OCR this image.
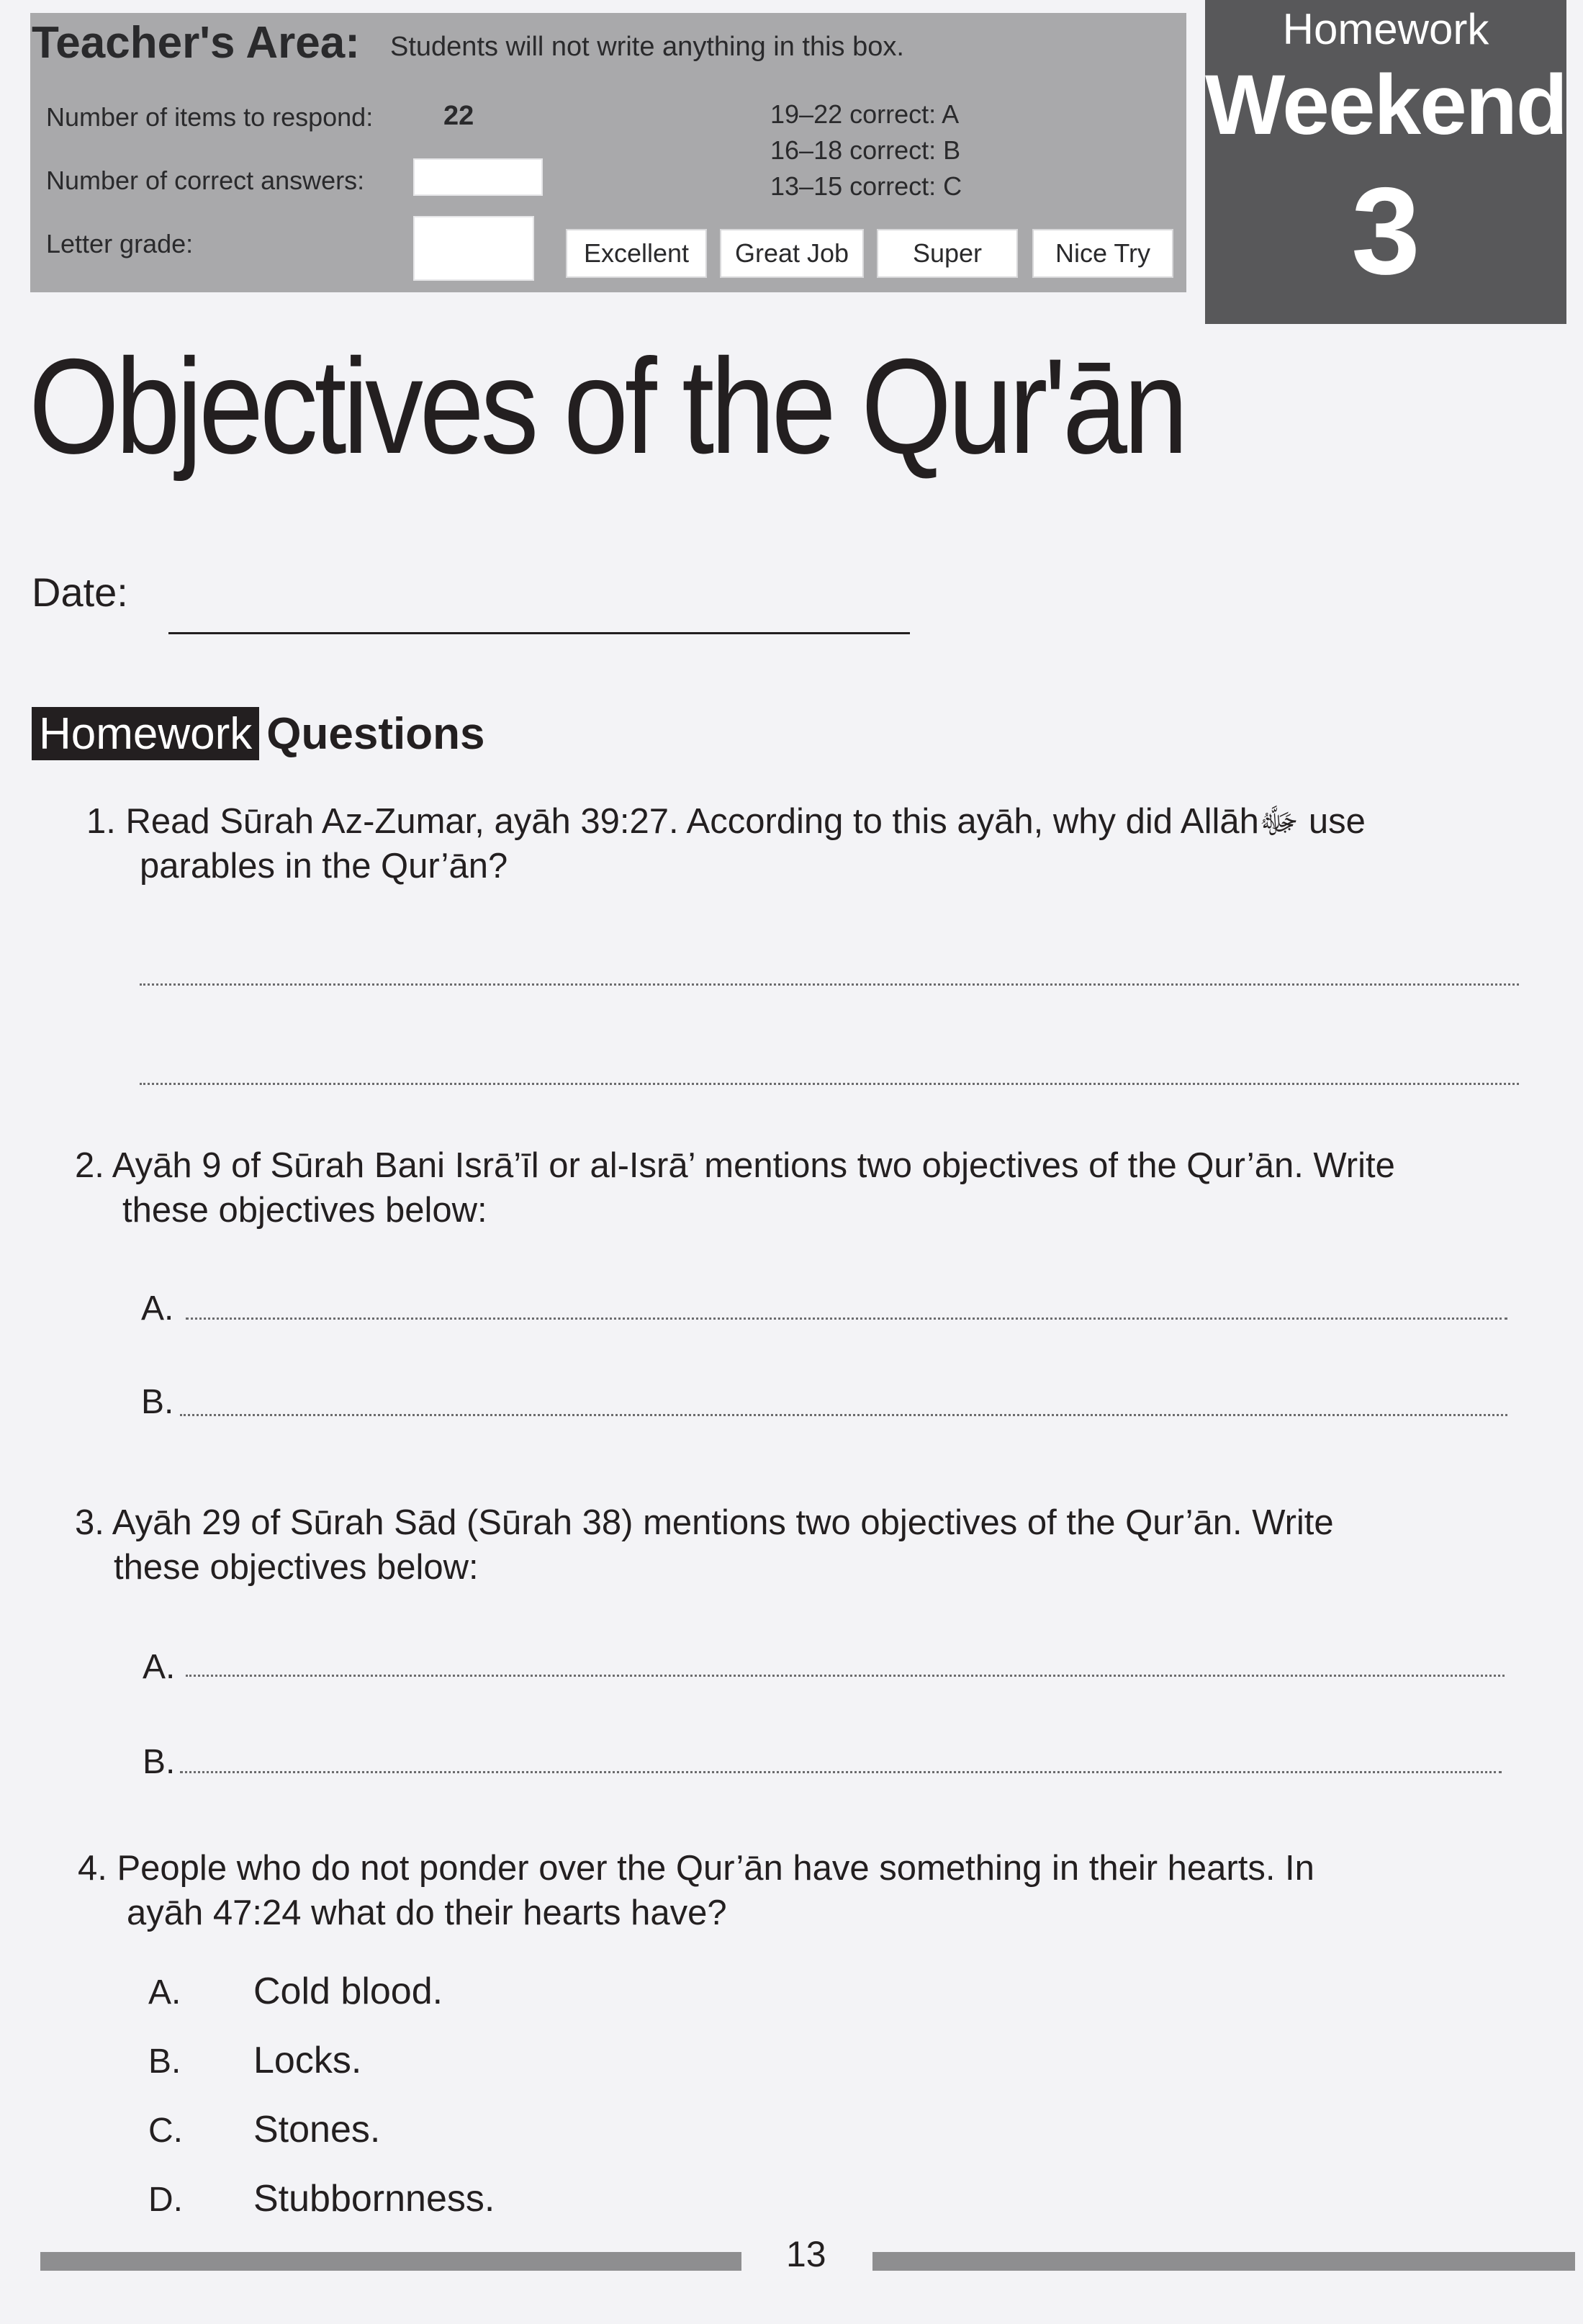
Teacher's Area: Students will not write anything in this box.
Number of items to respond:	22
Number of correct answers:
Letter grade:
19–22 correct: A
16–18 correct: B
13–15 correct: C
Excellent	Great Job	Super	Nice Try
Homework
Weekend
3
Objectives of the Qur'ān
Date:
Homework Questions
1. Read Sūrah Az-Zumar, ayāh 39:27. According to this ayāh, why did Allāhﷻ use
parables in the Qur’ān?
2. Ayāh 9 of Sūrah Bani Isrā’īl or al-Isrā’ mentions two objectives of the Qur’ān. Write
these objectives below:
A.
B.
3. Ayāh 29 of Sūrah Sād (Sūrah 38) mentions two objectives of the Qur’ān. Write
these objectives below:
A.
B.
4. People who do not ponder over the Qur’ān have something in their hearts. In
ayāh 47:24 what do their hearts have?
A. Cold blood.
B. Locks.
C. Stones.
D. Stubbornness.
13
